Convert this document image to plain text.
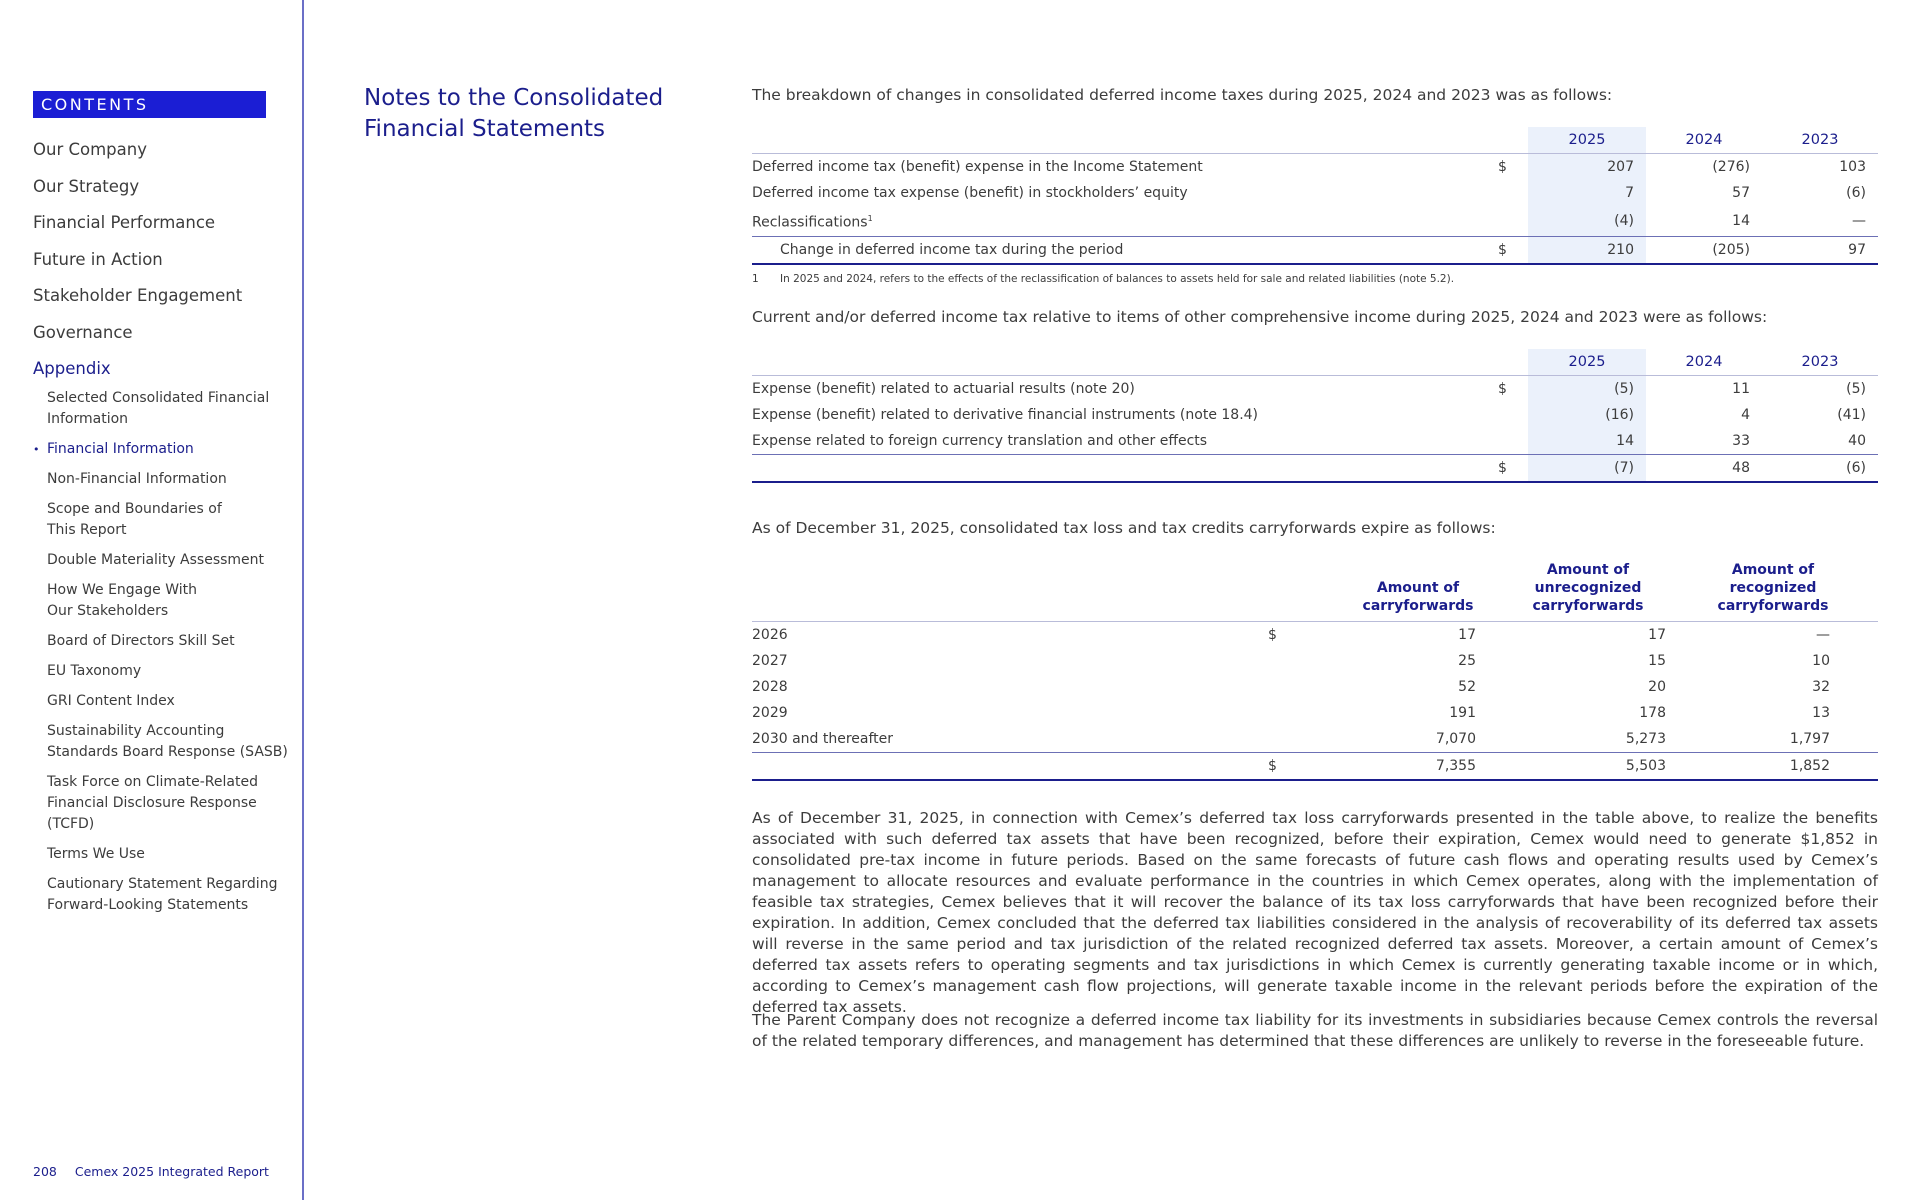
CONTENTS
Our Company
Our Strategy
Financial Performance
Future in Action
Stakeholder Engagement
Governance
Appendix
Selected Consolidated Financial Information
• Financial Information
Non-Financial Information
Scope and Boundaries of This Report
Double Materiality Assessment
How We Engage With Our Stakeholders
Board of Directors Skill Set
EU Taxonomy
GRI Content Index
Sustainability Accounting Standards Board Response (SASB)
Task Force on Climate-Related Financial Disclosure Response (TCFD)
Terms We Use
Cautionary Statement Regarding Forward-Looking Statements
208 Cemex 2025 Integrated Report
Notes to the Consolidated Financial Statements

The breakdown of changes in consolidated deferred income taxes during 2025, 2024 and 2023 was as follows:

		2025	2024	2023
Deferred income tax (benefit) expense in the Income Statement	$	207	(276)	103
Deferred income tax expense (benefit) in stockholders’ equity		7	57	(6)
Reclassifications$^1$		(4)	14	—
Change in deferred income tax during the period	$	210	(205)	97
1 In 2025 and 2024, refers to the effects of the reclassification of balances to assets held for sale and related liabilities (note 5.2).

Current and/or deferred income tax relative to items of other comprehensive income during 2025, 2024 and 2023 were as follows:

		2025	2024	2023
Expense (benefit) related to actuarial results (note 20)	$	(5)	11	(5)
Expense (benefit) related to derivative financial instruments (note 18.4)		(16)	4	(41)
Expense related to foreign currency translation and other effects		14	33	40
	$	(7)	48	(6)

As of December 31, 2025, consolidated tax loss and tax credits carryforwards expire as follows:

		Amount of carryforwards	Amount of unrecognized carryforwards	Amount of recognized carryforwards
2026	$	17	17	—
2027		25	15	10
2028		52	20	32
2029		191	178	13
2030 and thereafter		7,070	5,273	1,797
	$	7,355	5,503	1,852

As of December 31, 2025, in connection with Cemex’s deferred tax loss carryforwards presented in the table above, to realize the benefits associated with such deferred tax assets that have been recognized, before their expiration, Cemex would need to generate $1,852 in consolidated pre-tax income in future periods. Based on the same forecasts of future cash flows and operating results used by Cemex’s management to allocate resources and evaluate performance in the countries in which Cemex operates, along with the implementation of feasible tax strategies, Cemex believes that it will recover the balance of its tax loss carryforwards that have been recognized before their expiration. In addition, Cemex concluded that the deferred tax liabilities considered in the analysis of recoverability of its deferred tax assets will reverse in the same period and tax jurisdiction of the related recognized deferred tax assets. Moreover, a certain amount of Cemex’s deferred tax assets refers to operating segments and tax jurisdictions in which Cemex is currently generating taxable income or in which, according to Cemex’s management cash flow projections, will generate taxable income in the relevant periods before the expiration of the deferred tax assets.

The Parent Company does not recognize a deferred income tax liability for its investments in subsidiaries because Cemex controls the reversal of the related temporary differences, and management has determined that these differences are unlikely to reverse in the foreseeable future.
